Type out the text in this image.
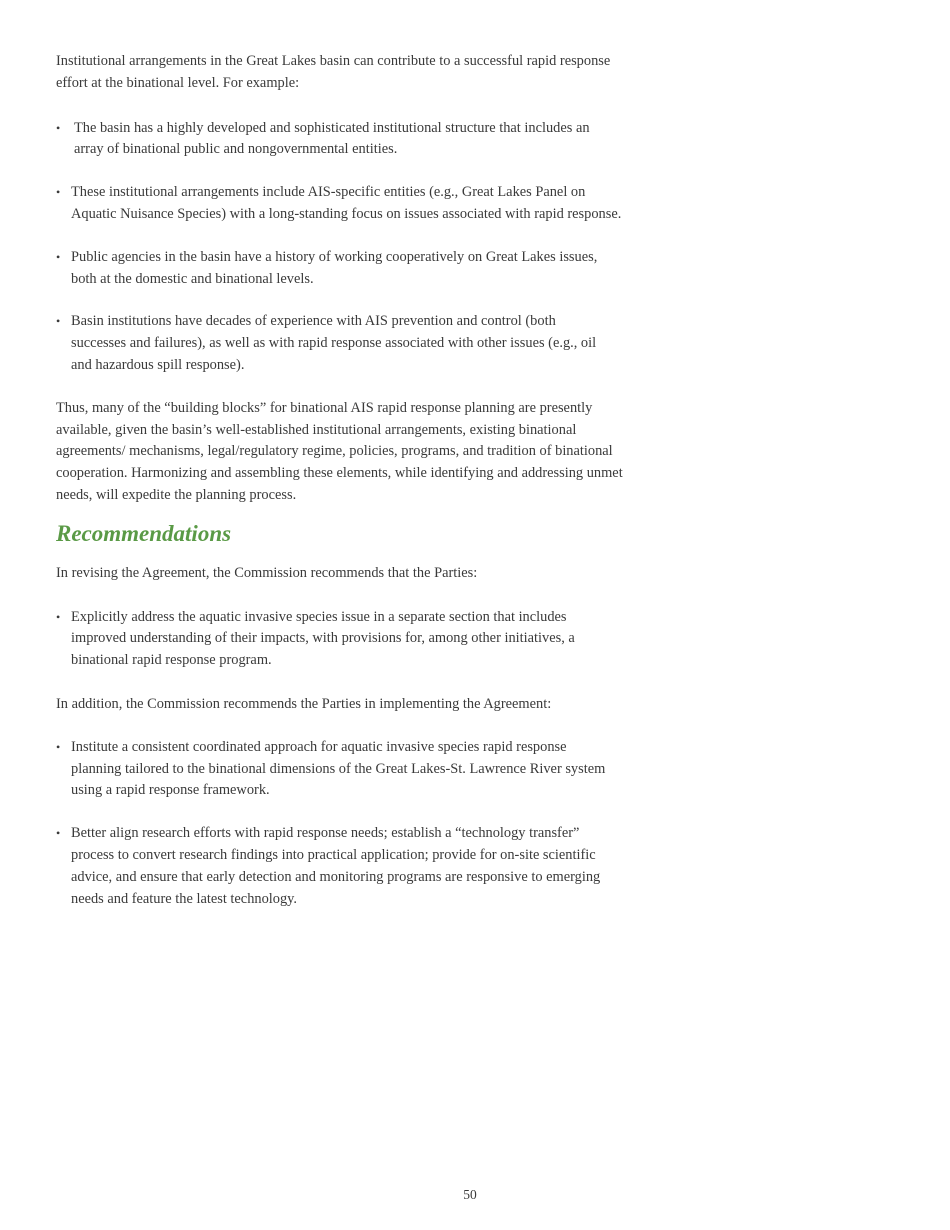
Institutional arrangements in the Great Lakes basin can contribute to a successful rapid response effort at the binational level. For example:

• The basin has a highly developed and sophisticated institutional structure that includes an array of binational public and nongovernmental entities.
• These institutional arrangements include AIS-specific entities (e.g., Great Lakes Panel on Aquatic Nuisance Species) with a long-standing focus on issues associated with rapid response.
• Public agencies in the basin have a history of working cooperatively on Great Lakes issues, both at the domestic and binational levels.
• Basin institutions have decades of experience with AIS prevention and control (both successes and failures), as well as with rapid response associated with other issues (e.g., oil and hazardous spill response).

Thus, many of the “building blocks” for binational AIS rapid response planning are presently available, given the basin’s well-established institutional arrangements, existing binational agreements/ mechanisms, legal/regulatory regime, policies, programs, and tradition of binational cooperation. Harmonizing and assembling these elements, while identifying and addressing unmet needs, will expedite the planning process.

Recommendations

In revising the Agreement, the Commission recommends that the Parties:

• Explicitly address the aquatic invasive species issue in a separate section that includes improved understanding of their impacts, with provisions for, among other initiatives, a binational rapid response program.

In addition, the Commission recommends the Parties in implementing the Agreement:

• Institute a consistent coordinated approach for aquatic invasive species rapid response planning tailored to the binational dimensions of the Great Lakes-St. Lawrence River system using a rapid response framework.
• Better align research efforts with rapid response needs; establish a “technology transfer” process to convert research findings into practical application; provide for on-site scientific advice, and ensure that early detection and monitoring programs are responsive to emerging needs and feature the latest technology.
50
